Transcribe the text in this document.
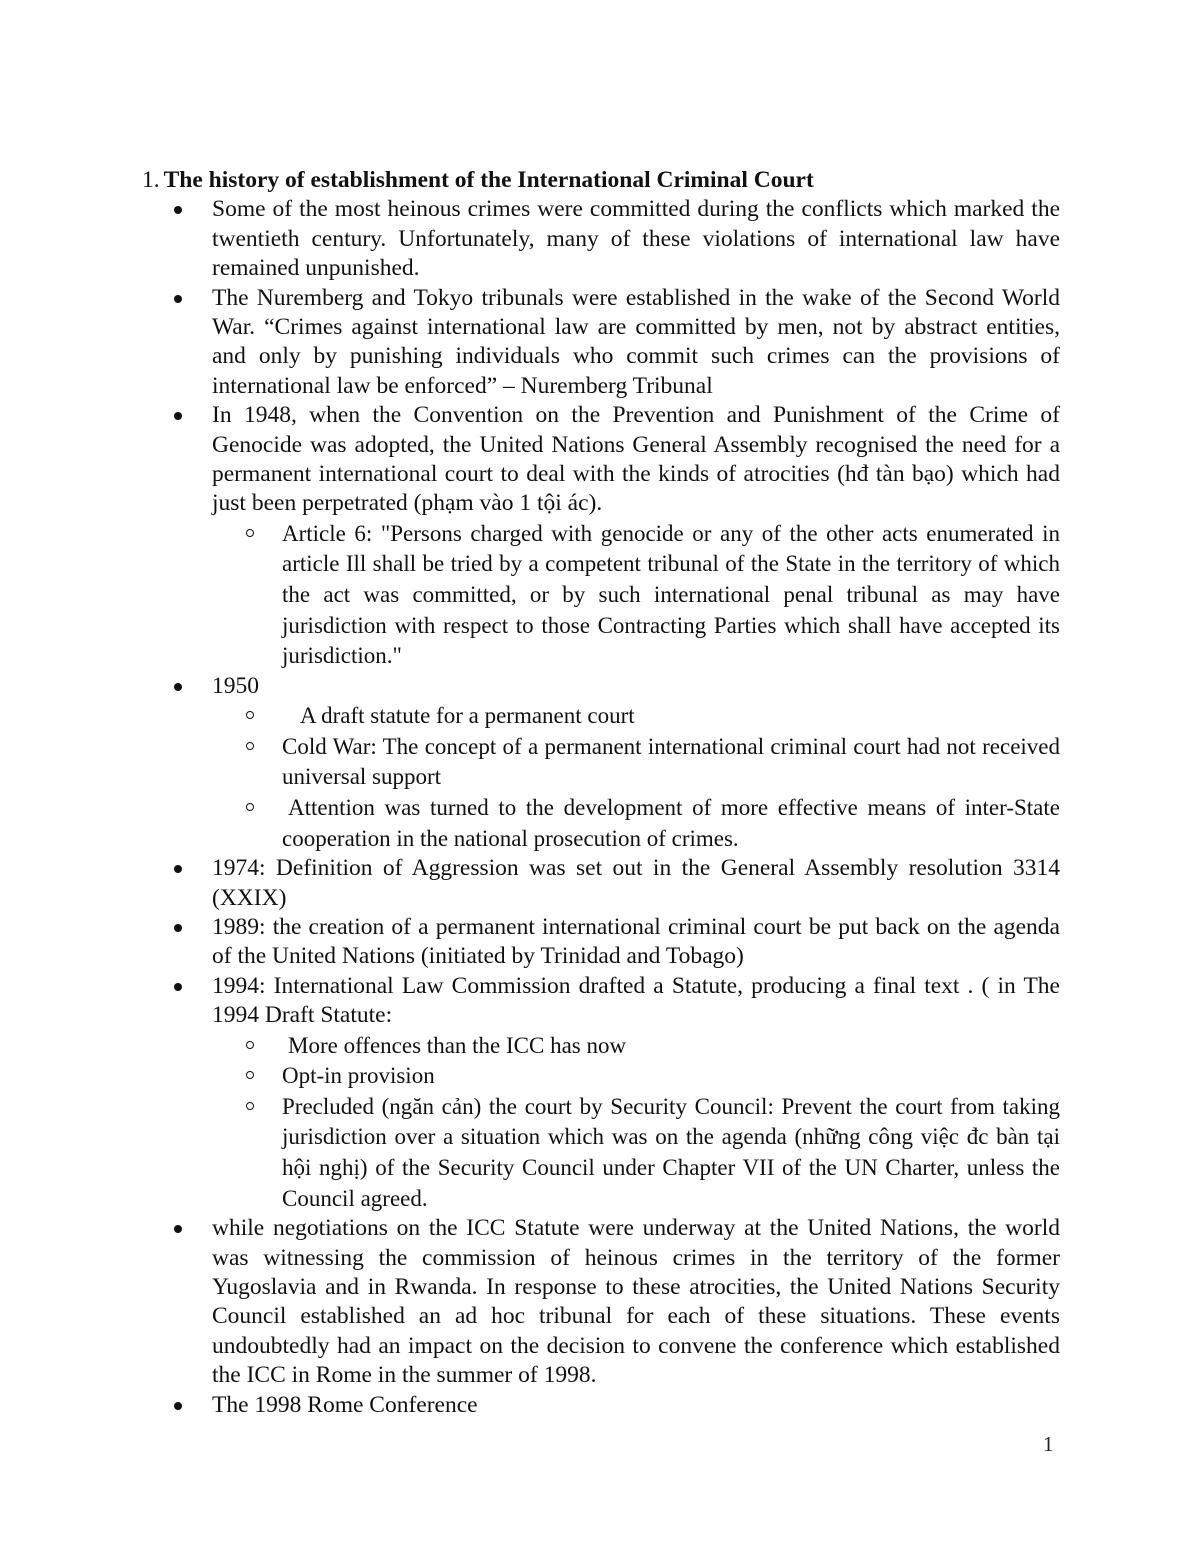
1. The history of establishment of the International Criminal Court

Some of the most heinous crimes were committed during the conflicts which marked the twentieth century. Unfortunately, many of these violations of international law have remained unpunished.
The Nuremberg and Tokyo tribunals were established in the wake of the Second World War. “Crimes against international law are committed by men, not by abstract entities, and only by punishing individuals who commit such crimes can the provisions of international law be enforced” – Nuremberg Tribunal
In 1948, when the Convention on the Prevention and Punishment of the Crime of Genocide was adopted, the United Nations General Assembly recognised the need for a permanent international court to deal with the kinds of atrocities (hđ tàn bạo) which had just been perpetrated (phạm vào 1 tội ác).
Article 6: "Persons charged with genocide or any of the other acts enumerated in article Ill shall be tried by a competent tribunal of the State in the territory of which the act was committed, or by such international penal tribunal as may have jurisdiction with respect to those Contracting Parties which shall have accepted its jurisdiction."
1950
A draft statute for a permanent court
Cold War: The concept of a permanent international criminal court had not received universal support
Attention was turned to the development of more effective means of inter-State cooperation in the national prosecution of crimes.
1974: Definition of Aggression was set out in the General Assembly resolution 3314 (XXIX)
1989: the creation of a permanent international criminal court be put back on the agenda of the United Nations (initiated by Trinidad and Tobago)
1994: International Law Commission drafted a Statute, producing a final text . ( in The 1994 Draft Statute:
More offences than the ICC has now
Opt-in provision
Precluded (ngăn cản) the court by Security Council: Prevent the court from taking jurisdiction over a situation which was on the agenda (những công việc đc bàn tại hội nghị) of the Security Council under Chapter VII of the UN Charter, unless the Council agreed.
while negotiations on the ICC Statute were underway at the United Nations, the world was witnessing the commission of heinous crimes in the territory of the former Yugoslavia and in Rwanda. In response to these atrocities, the United Nations Security Council established an ad hoc tribunal for each of these situations. These events undoubtedly had an impact on the decision to convene the conference which established the ICC in Rome in the summer of 1998.
The 1998 Rome Conference
1
